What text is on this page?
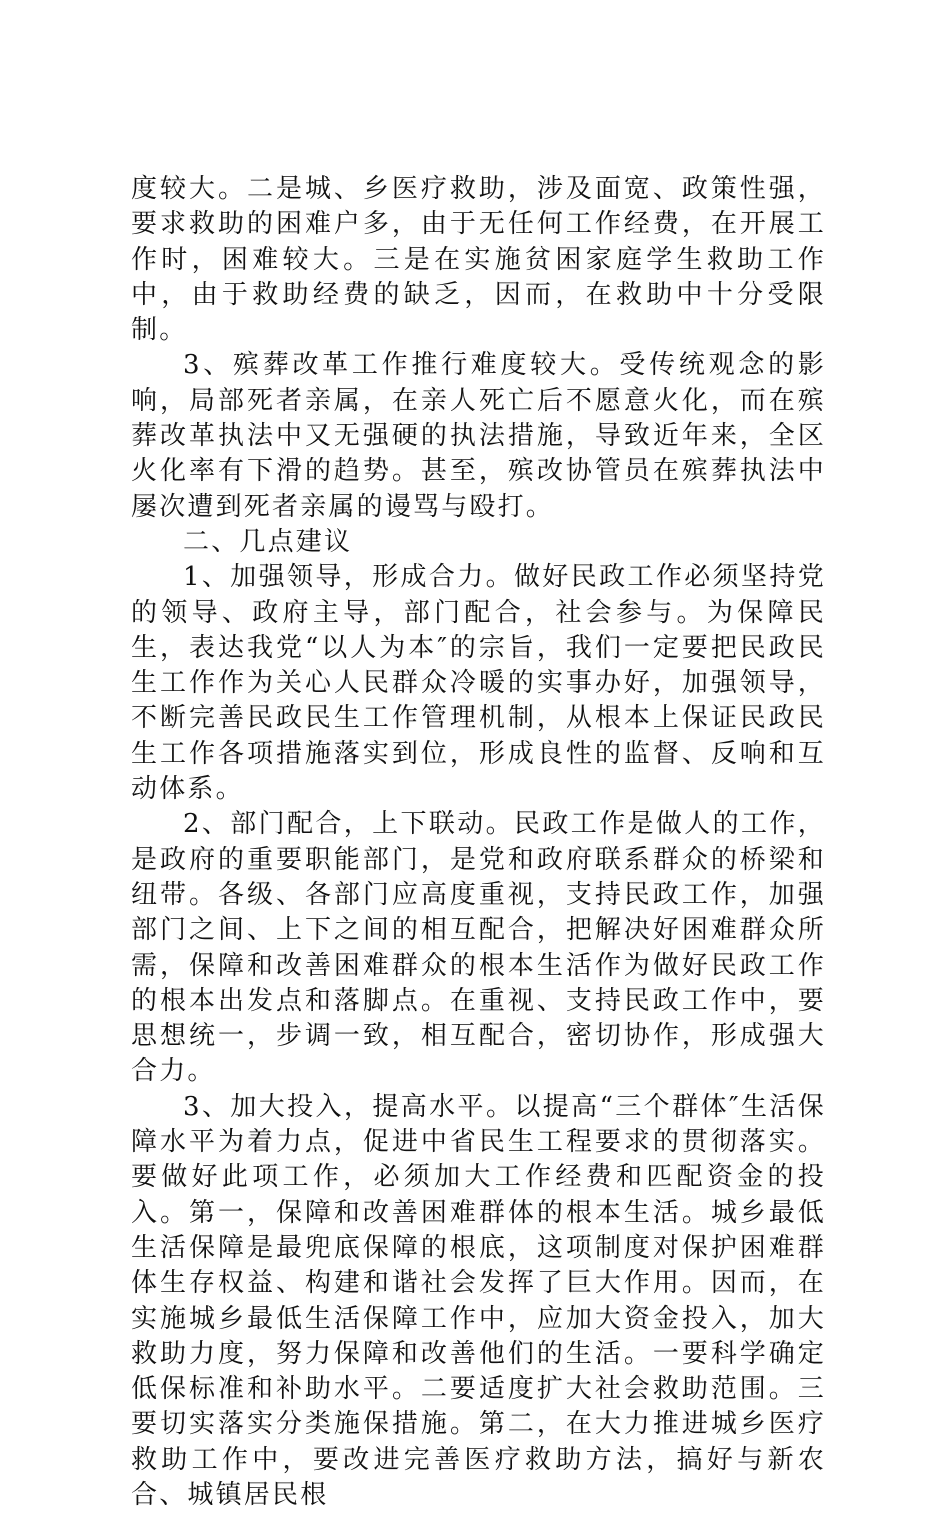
度较大。二是城、乡医疗救助，涉及面宽、政策性强，要求救助的困难户多，由于无任何工作经费，在开展工作时，困难较大。三是在实施贫困家庭学生救助工作中，由于救助经费的缺乏，因而，在救助中十分受限制。

3、殡葬改革工作推行难度较大。受传统观念的影响，局部死者亲属，在亲人死亡后不愿意火化，而在殡葬改革执法中又无强硬的执法措施，导致近年来，全区火化率有下滑的趋势。甚至，殡改协管员在殡葬执法中屡次遭到死者亲属的谩骂与殴打。

二、几点建议

1、加强领导，形成合力。做好民政工作必须坚持党的领导、政府主导，部门配合，社会参与。为保障民生，表达我党“以人为本″的宗旨，我们一定要把民政民生工作作为关心人民群众冷暖的实事办好，加强领导，不断完善民政民生工作管理机制，从根本上保证民政民生工作各项措施落实到位，形成良性的监督、反响和互动体系。

2、部门配合，上下联动。民政工作是做人的工作，是政府的重要职能部门，是党和政府联系群众的桥梁和纽带。各级、各部门应高度重视，支持民政工作，加强部门之间、上下之间的相互配合，把解决好困难群众所需，保障和改善困难群众的根本生活作为做好民政工作的根本出发点和落脚点。在重视、支持民政工作中，要思想统一，步调一致，相互配合，密切协作，形成强大合力。

3、加大投入，提高水平。以提高“三个群体″生活保障水平为着力点，促进中省民生工程要求的贯彻落实。要做好此项工作，必须加大工作经费和匹配资金的投入。第一，保障和改善困难群体的根本生活。城乡最低生活保障是最兜底保障的根底，这项制度对保护困难群体生存权益、构建和谐社会发挥了巨大作用。因而，在实施城乡最低生活保障工作中，应加大资金投入，加大救助力度，努力保障和改善他们的生活。一要科学确定低保标准和补助水平。二要适度扩大社会救助范围。三要切实落实分类施保措施。第二，在大力推进城乡医疗救助工作中，要改进完善医疗救助方法，搞好与新农合、城镇居民根
